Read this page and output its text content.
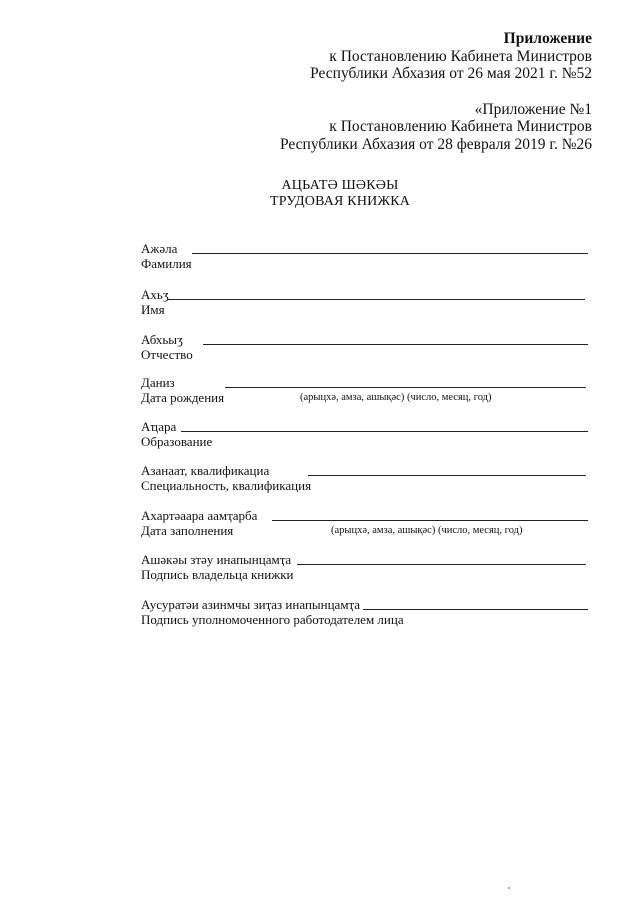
Приложение
к Постановлению Кабинета Министров
Республики Абхазия от 26 мая 2021 г. №52
«Приложение №1
к Постановлению Кабинета Министров
Республики Абхазия от 28 февраля 2019 г. №26
АЦЬАТӘ ШӘКӘЫ
ТРУДОВАЯ КНИЖКА
Ажәла
Фамилия
Ахьӡ
Имя
Абхьыӡ
Отчество
Даниз
Дата рождения	(арыцхә, амза, ашықәс) (число, месяц, год)
Аҵара
Образование
Азанаат, квалификациа
Специальность, квалификация
Ахартәаара аамҭарба
Дата заполнения	(арыцхә, амза, ашықәс) (число, месяц, год)
Ашәкәы зтәу инапынцамҭа
Подпись владельца книжки
Аусуратәи азинмчы зиҭаз инапынцамҭа
Подпись уполномоченного работодателем лица
